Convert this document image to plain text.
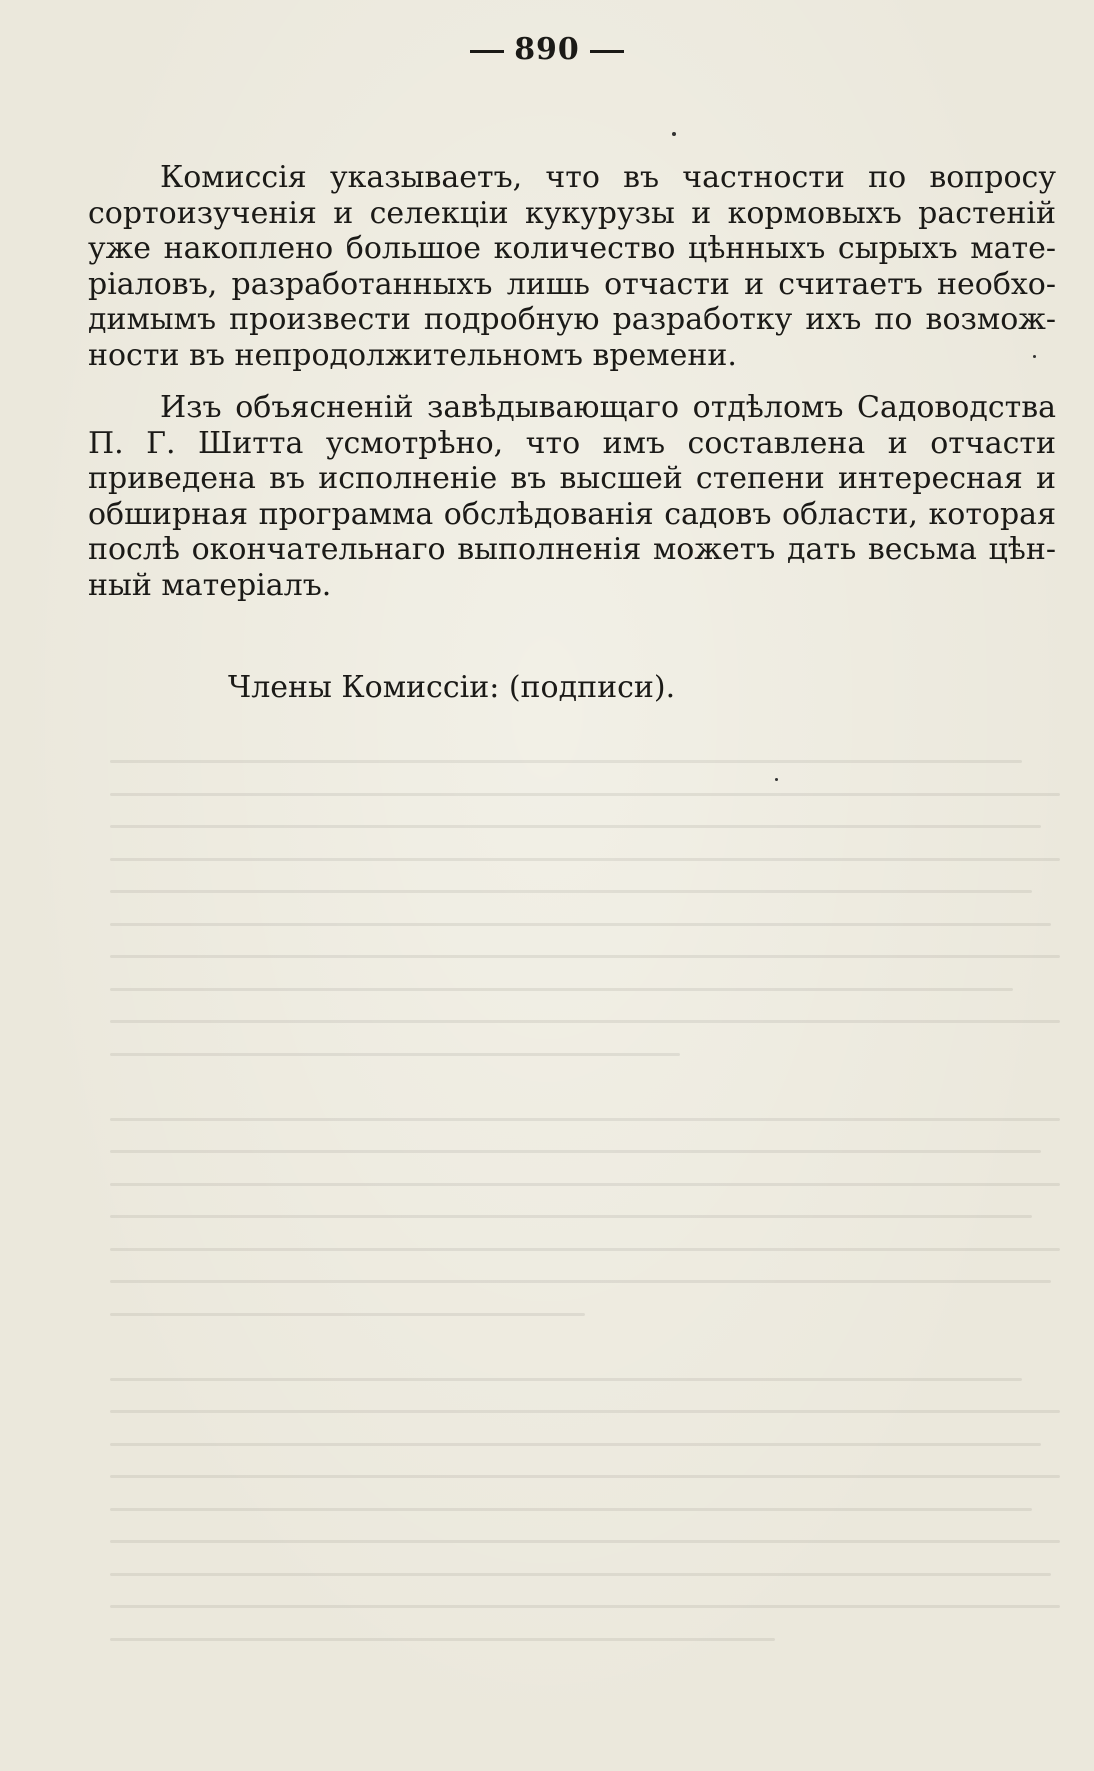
890

Комиссія указываетъ, что въ частности по вопросу
сортоизученія и селекціи кукурузы и кормовыхъ растеній
уже накоплено большое количество цѣнныхъ сырыхъ мате-
ріаловъ, разработанныхъ лишь отчасти и считаетъ необхо-
димымъ произвести подробную разработку ихъ по возмож-
ности въ непродолжительномъ времени.

Изъ объясненій завѣдывающаго отдѣломъ Садоводства
П. Г. Шитта усмотрѣно, что имъ составлена и отчасти
приведена въ исполненіе въ высшей степени интересная и
обширная программа обслѣдованія садовъ области, которая
послѣ окончательнаго выполненія можетъ дать весьма цѣн-
ный матеріалъ.

Члены Комиссіи: (подписи).
